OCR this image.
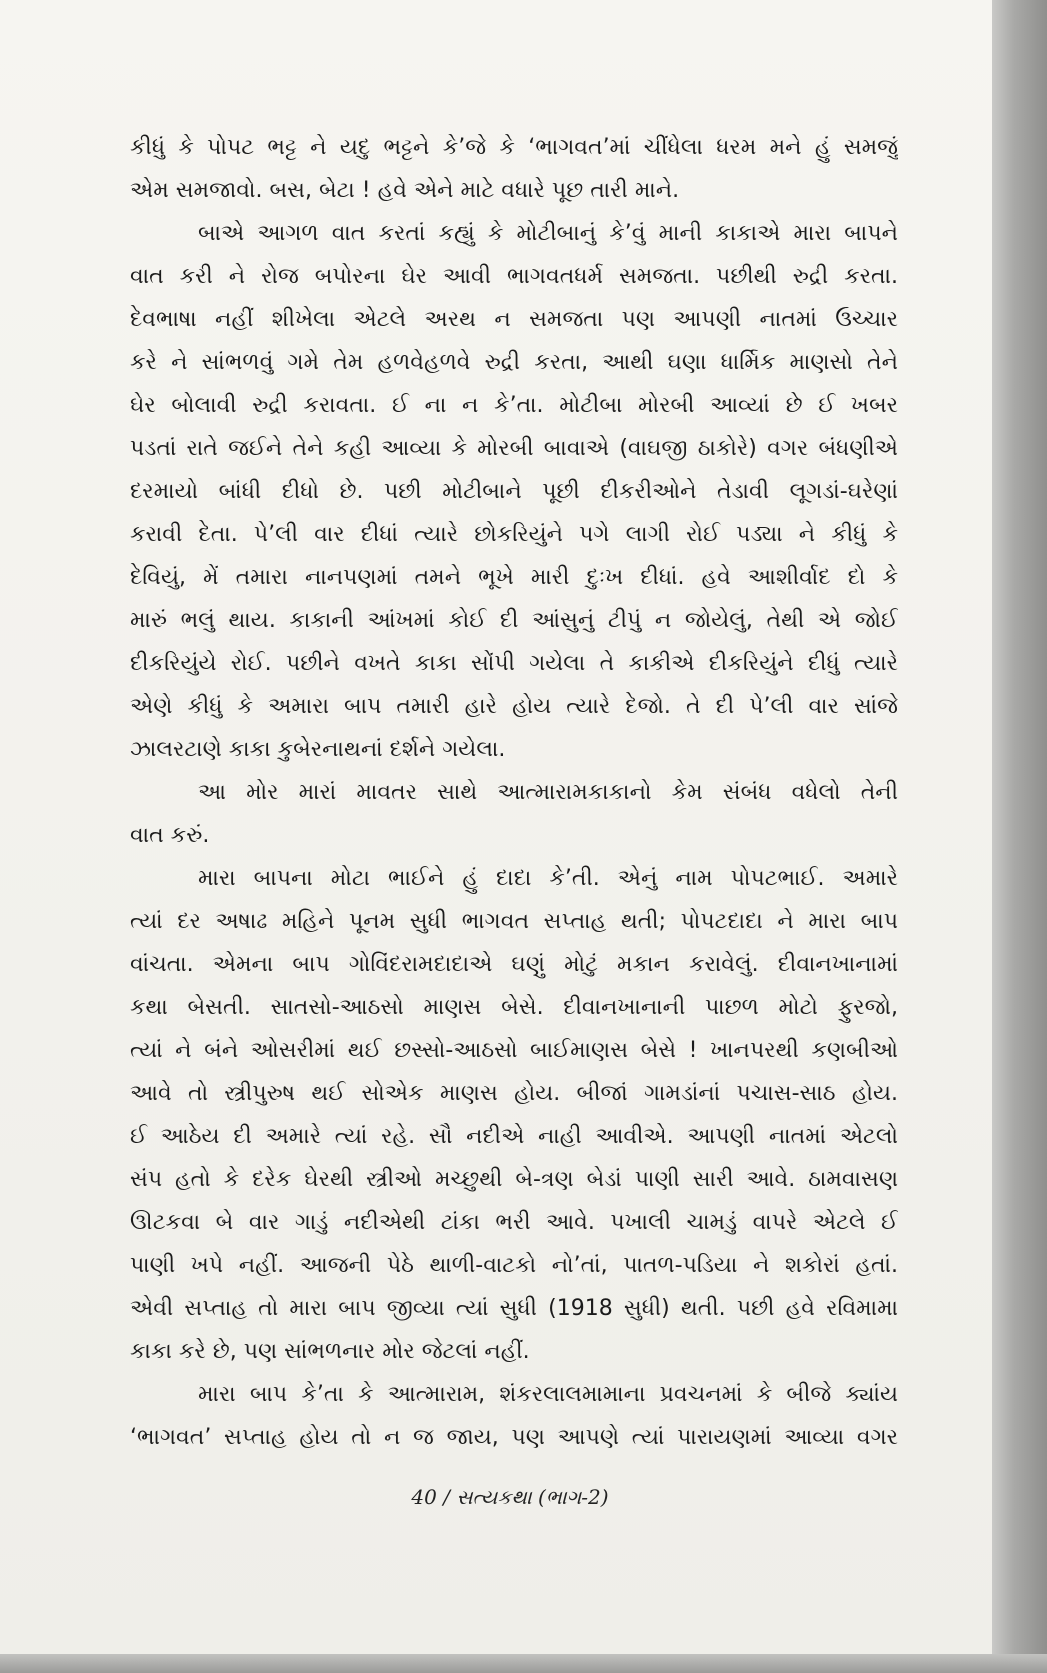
કીધું કે પોપટ ભટ્ટ ને યદુ ભટ્ટને કે’જે કે ‘ભાગવત’માં ચીંધેલા ધરમ મને હું સમજું
એમ સમજાવો. બસ, બેટા ! હવે એને માટે વધારે પૂછ તારી માને.
બાએ આગળ વાત કરતાં કહ્યું કે મોટીબાનું કે’વું માની કાકાએ મારા બાપને
વાત કરી ને રોજ બપોરના ઘેર આવી ભાગવતધર્મ સમજતા. પછીથી રુદ્રી કરતા.
દેવભાષા નહીં શીખેલા એટલે અરથ ન સમજતા પણ આપણી નાતમાં ઉચ્ચાર
કરે ને સાંભળવું ગમે તેમ હળવેહળવે રુદ્રી કરતા, આથી ઘણા ધાર્મિક માણસો તેને
ઘેર બોલાવી રુદ્રી કરાવતા. ઈ ના ન કે’તા. મોટીબા મોરબી આવ્યાં છે ઈ ખબર
પડતાં રાતે જઈને તેને કહી આવ્યા કે મોરબી બાવાએ (વાઘજી ઠાકોરે) વગર બંધણીએ
દરમાયો બાંધી દીધો છે. પછી મોટીબાને પૂછી દીકરીઓને તેડાવી લૂગડાં-ઘરેણાં
કરાવી દેતા. પે’લી વાર દીધાં ત્યારે છોકરિયુંને પગે લાગી રોઈ પડ્યા ને કીધું કે
દેવિયું, મેં તમારા નાનપણમાં તમને ભૂખે મારી દુઃખ દીધાં. હવે આશીર્વાદ દો કે
મારું ભલું થાય. કાકાની આંખમાં કોઈ દી આંસુનું ટીપું ન જોયેલું, તેથી એ જોઈ
દીકરિયુંયે રોઈ. પછીને વખતે કાકા સોંપી ગયેલા તે કાકીએ દીકરિયુંને દીધું ત્યારે
એણે કીધું કે અમારા બાપ તમારી હારે હોય ત્યારે દેજો. તે દી પે’લી વાર સાંજે
ઝાલરટાણે કાકા કુબેરનાથનાં દર્શને ગયેલા.
આ મોર મારાં માવતર સાથે આત્મારામકાકાનો કેમ સંબંધ વધેલો તેની
વાત કરું.
મારા બાપના મોટા ભાઈને હું દાદા કે’તી. એનું નામ પોપટભાઈ. અમારે
ત્યાં દર અષાઢ મહિને પૂનમ સુધી ભાગવત સપ્તાહ થતી; પોપટદાદા ને મારા બાપ
વાંચતા. એમના બાપ ગોવિંદરામદાદાએ ઘણું મોટું મકાન કરાવેલું. દીવાનખાનામાં
કથા બેસતી. સાતસો-આઠસો માણસ બેસે. દીવાનખાનાની પાછળ મોટો ફુરજો,
ત્યાં ને બંને ઓસરીમાં થઈ છસ્સો-આઠસો બાઈમાણસ બેસે ! ખાનપરથી કણબીઓ
આવે તો સ્ત્રીપુરુષ થઈ સોએક માણસ હોય. બીજાં ગામડાંનાં પચાસ-સાઠ હોય.
ઈ આઠેય દી અમારે ત્યાં રહે. સૌ નદીએ નાહી આવીએ. આપણી નાતમાં એટલો
સંપ હતો કે દરેક ઘેરથી સ્ત્રીઓ મચ્છુથી બે-ત્રણ બેડાં પાણી સારી આવે. ઠામવાસણ
ઊટકવા બે વાર ગાડું નદીએથી ટાંકા ભરી આવે. પખાલી ચામડું વાપરે એટલે ઈ
પાણી ખપે નહીં. આજની પેઠે થાળી-વાટકો નો’તાં, પાતળ-પડિયા ને શકોરાં હતાં.
એવી સપ્તાહ તો મારા બાપ જીવ્યા ત્યાં સુધી (1918 સુધી) થતી. પછી હવે રવિમામા
કાકા કરે છે, પણ સાંભળનાર મોર જેટલાં નહીં.
મારા બાપ કે’તા કે આત્મારામ, શંકરલાલમામાના પ્રવચનમાં કે બીજે ક્યાંય
‘ભાગવત’ સપ્તાહ હોય તો ન જ જાય, પણ આપણે ત્યાં પારાયણમાં આવ્યા વગર
40 / સત્યકથા (ભાગ-2)
